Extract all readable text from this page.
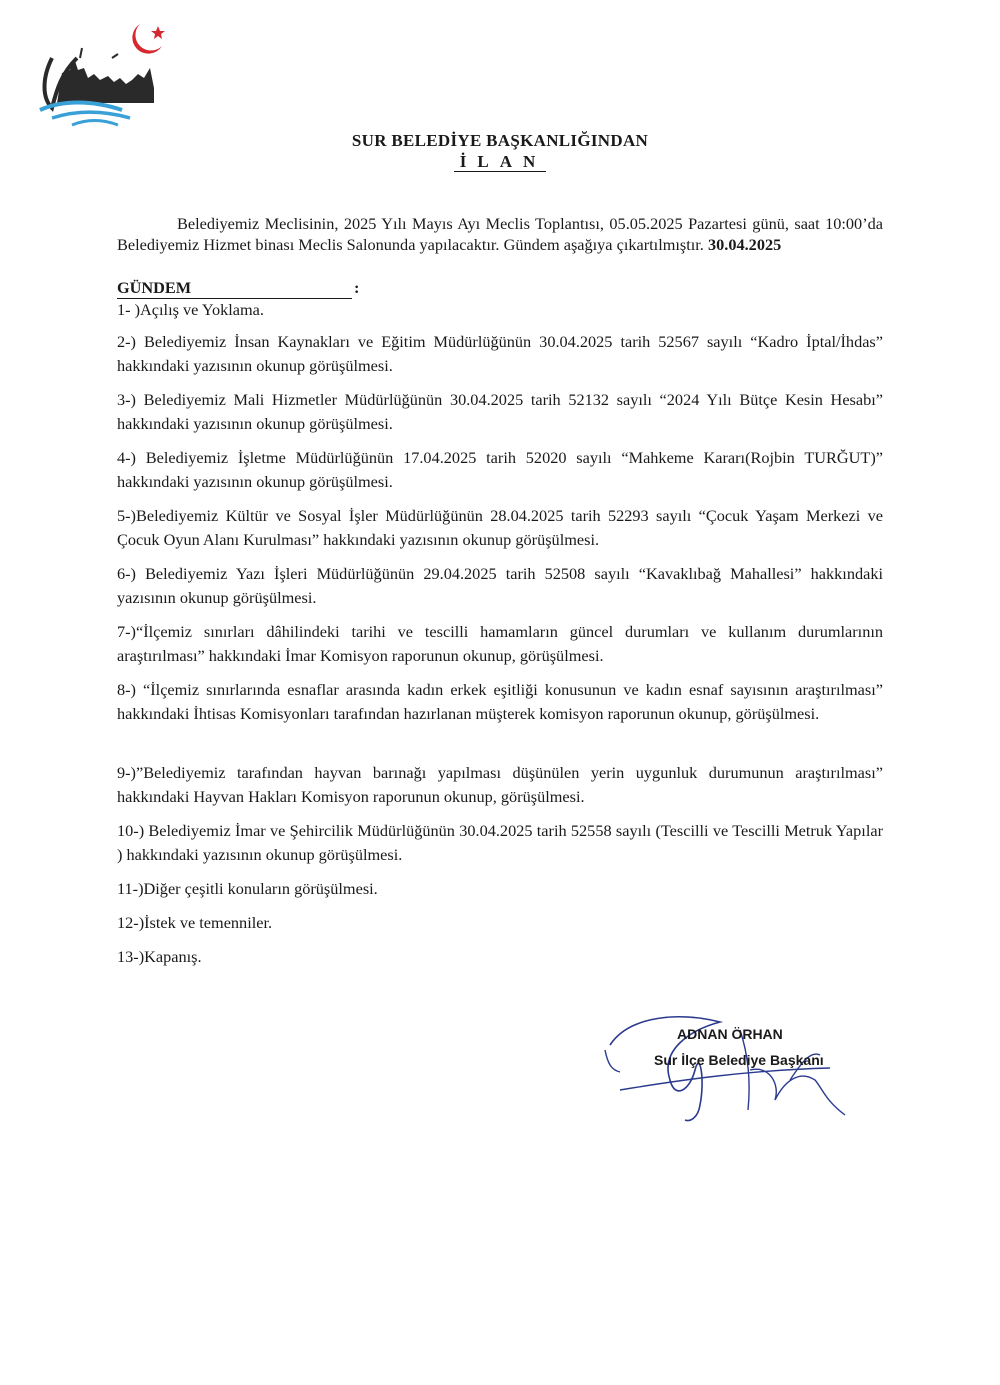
SUR BELEDİYE BAŞKANLIĞINDAN
İLAN

Belediyemiz Meclisinin, 2025 Yılı Mayıs Ayı Meclis Toplantısı, 05.05.2025 Pazartesi günü, saat 10:00’da Belediyemiz Hizmet binası Meclis Salonunda yapılacaktır. Gündem aşağıya çıkartılmıştır. 30.04.2025

GÜNDEM	:

1- )Açılış ve Yoklama.

2-) Belediyemiz İnsan Kaynakları ve Eğitim Müdürlüğünün 30.04.2025 tarih 52567 sayılı “Kadro İptal/İhdas” hakkındaki yazısının okunup görüşülmesi.

3-) Belediyemiz Mali Hizmetler Müdürlüğünün 30.04.2025 tarih 52132 sayılı “2024 Yılı Bütçe Kesin Hesabı” hakkındaki yazısının okunup görüşülmesi.

4-) Belediyemiz İşletme Müdürlüğünün 17.04.2025 tarih 52020 sayılı “Mahkeme Kararı(Rojbin TURĞUT)” hakkındaki yazısının okunup görüşülmesi.

5-)Belediyemiz Kültür ve Sosyal İşler Müdürlüğünün 28.04.2025 tarih 52293 sayılı “Çocuk Yaşam Merkezi ve Çocuk Oyun Alanı Kurulması” hakkındaki yazısının okunup görüşülmesi.

6-) Belediyemiz Yazı İşleri Müdürlüğünün 29.04.2025 tarih 52508 sayılı “Kavaklıbağ Mahallesi” hakkındaki yazısının okunup görüşülmesi.

7-)“İlçemiz sınırları dâhilindeki tarihi ve tescilli hamamların güncel durumları ve kullanım durumlarının araştırılması” hakkındaki İmar Komisyon raporunun okunup, görüşülmesi.

8-) “İlçemiz sınırlarında esnaflar arasında kadın erkek eşitliği konusunun ve kadın esnaf sayısının araştırılması” hakkındaki İhtisas Komisyonları tarafından hazırlanan müşterek komisyon raporunun okunup, görüşülmesi.

9-)”Belediyemiz tarafından hayvan barınağı yapılması düşünülen yerin uygunluk durumunun araştırılması” hakkındaki Hayvan Hakları Komisyon raporunun okunup, görüşülmesi.

10-) Belediyemiz İmar ve Şehircilik Müdürlüğünün 30.04.2025 tarih 52558 sayılı (Tescilli ve Tescilli Metruk Yapılar ) hakkındaki yazısının okunup görüşülmesi.

11-)Diğer çeşitli konuların görüşülmesi.

12-)İstek ve temenniler.

13-)Kapanış.

ADNAN ÖRHAN
Sur İlçe Belediye Başkanı
